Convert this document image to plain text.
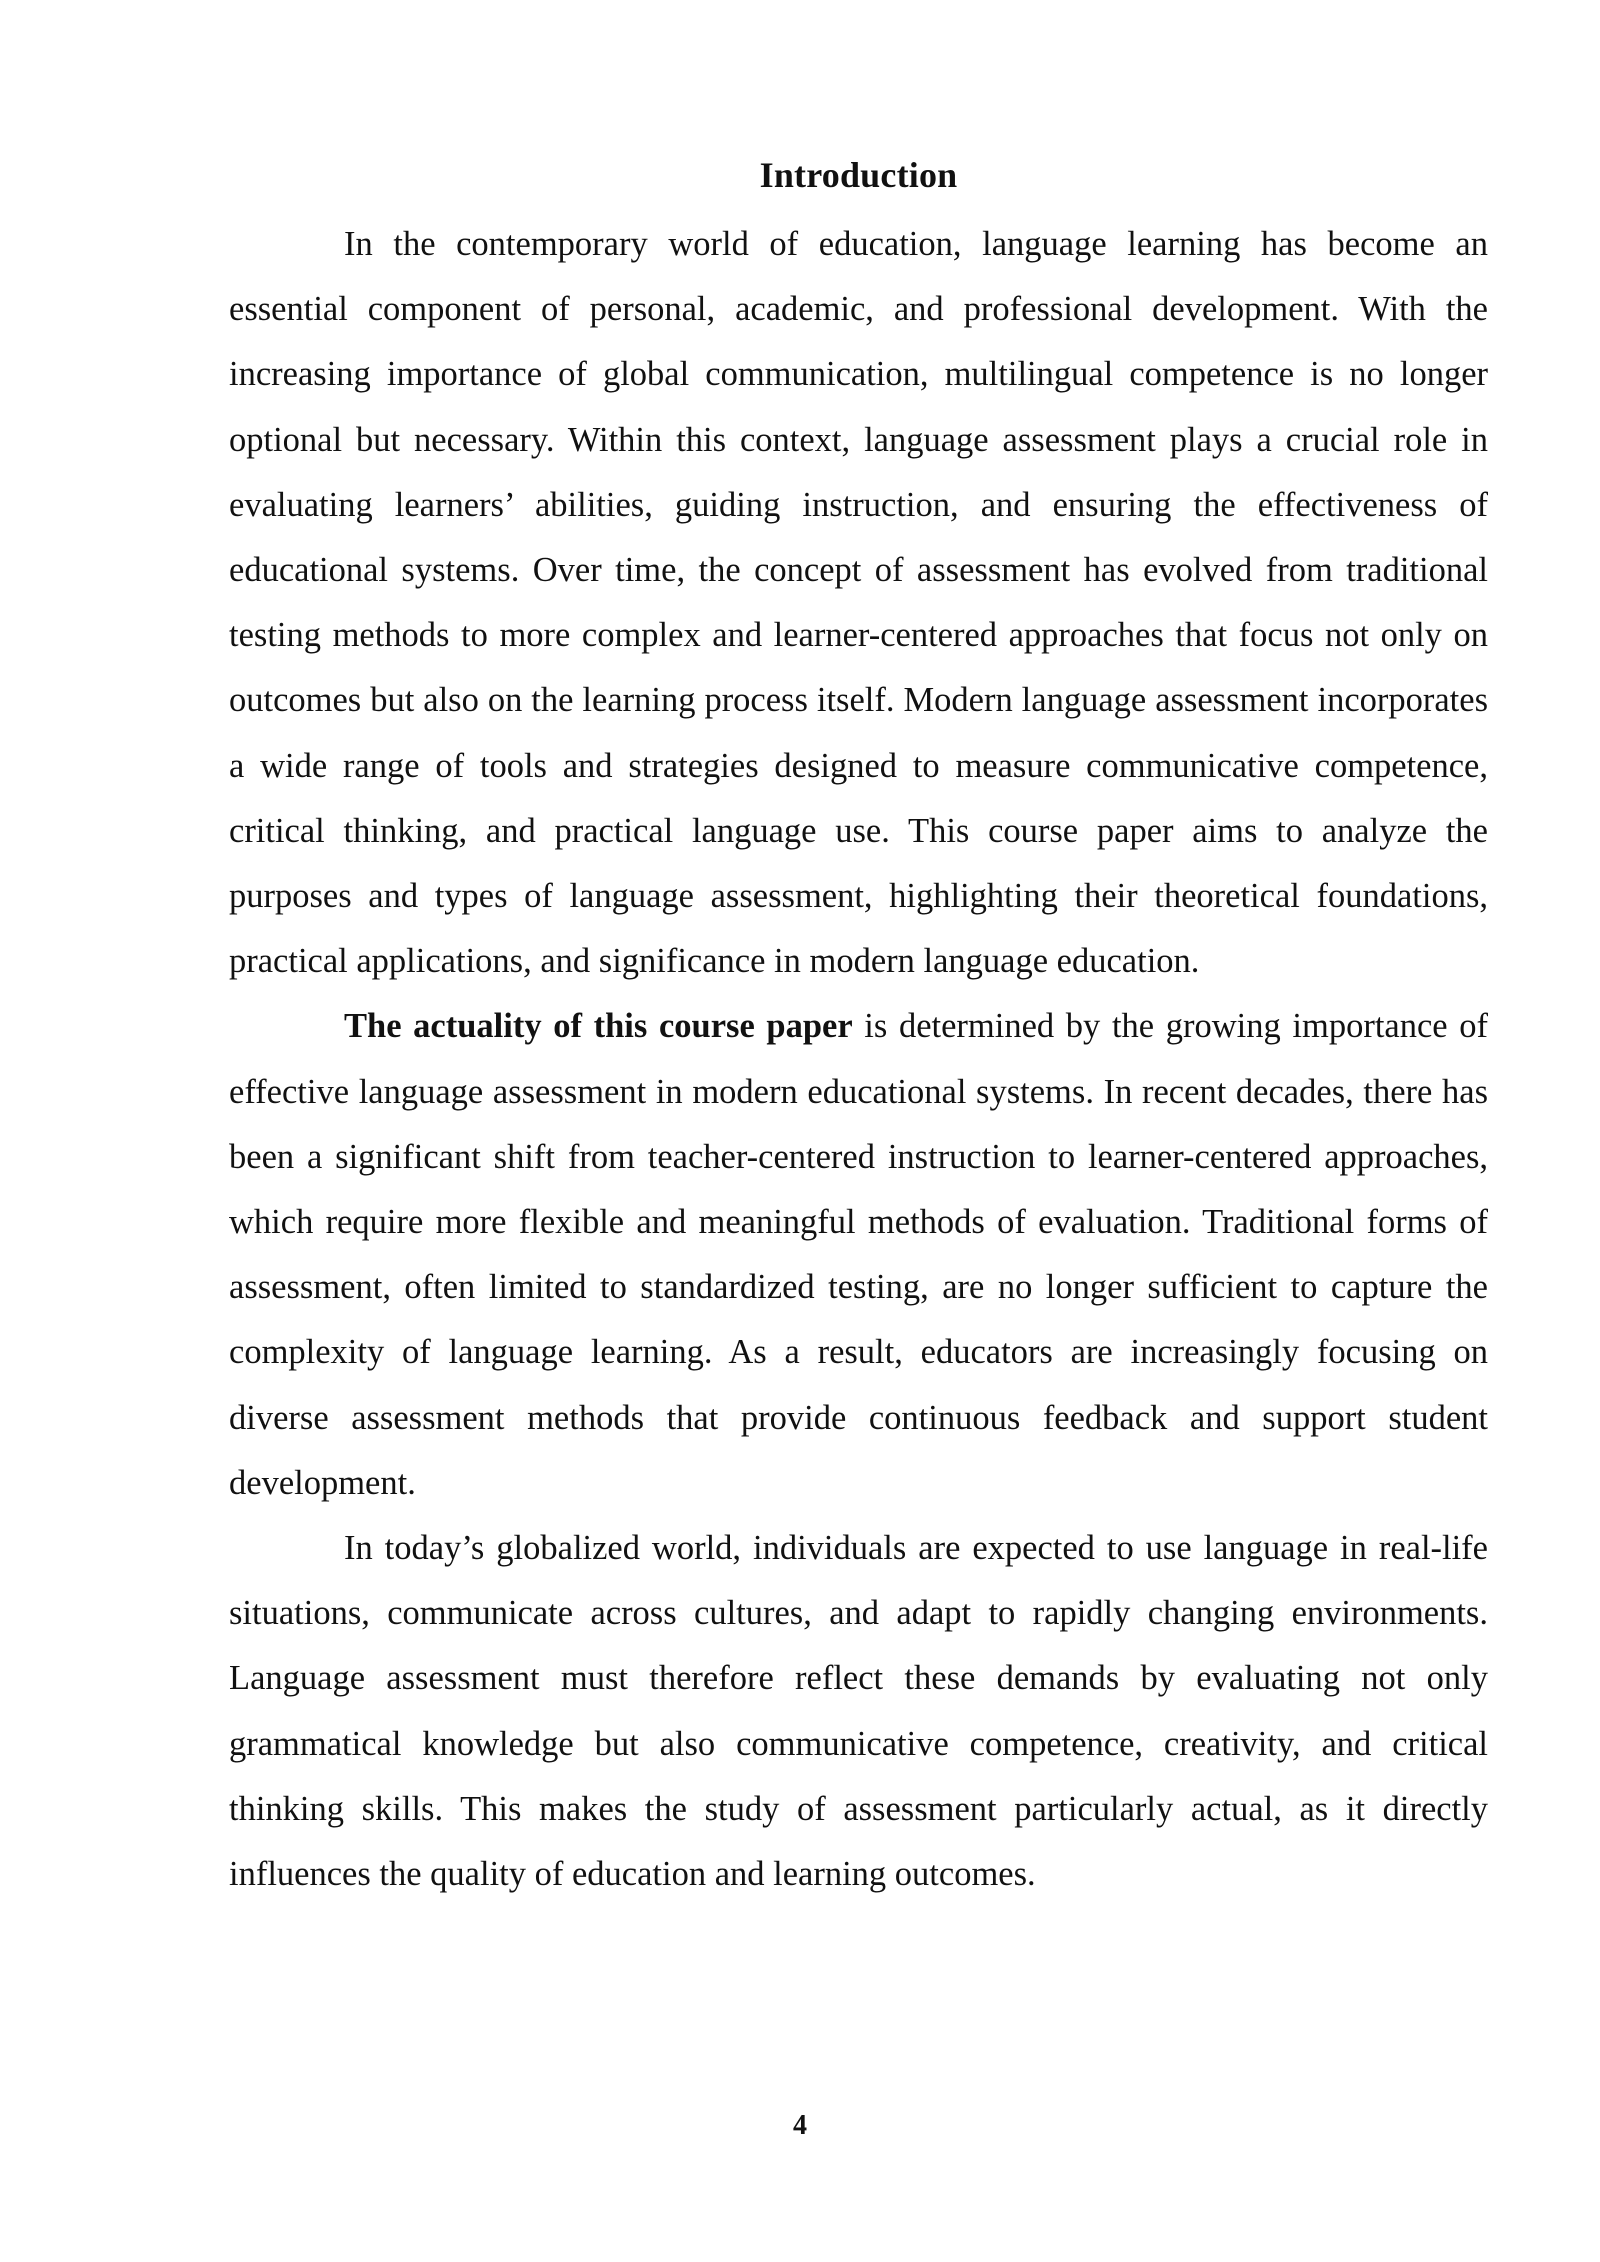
Introduction

In the contemporary world of education, language learning has become an essential component of personal, academic, and professional development. With the increasing importance of global communication, multilingual competence is no longer optional but necessary. Within this context, language assessment plays a crucial role in evaluating learners’ abilities, guiding instruction, and ensuring the effectiveness of educational systems. Over time, the concept of assessment has evolved from traditional testing methods to more complex and learner-centered approaches that focus not only on outcomes but also on the learning process itself. Modern language assessment incorporates a wide range of tools and strategies designed to measure communicative competence, critical thinking, and practical language use. This course paper aims to analyze the purposes and types of language assessment, highlighting their theoretical foundations, practical applications, and significance in modern language education.

The actuality of this course paper is determined by the growing importance of effective language assessment in modern educational systems. In recent decades, there has been a significant shift from teacher-centered instruction to learner-centered approaches, which require more flexible and meaningful methods of evaluation. Traditional forms of assessment, often limited to standardized testing, are no longer sufficient to capture the complexity of language learning. As a result, educators are increasingly focusing on diverse assessment methods that provide continuous feedback and support student development.

In today’s globalized world, individuals are expected to use language in real-life situations, communicate across cultures, and adapt to rapidly changing environments. Language assessment must therefore reflect these demands by evaluating not only grammatical knowledge but also communicative competence, creativity, and critical thinking skills. This makes the study of assessment particularly actual, as it directly influences the quality of education and learning outcomes.

4
